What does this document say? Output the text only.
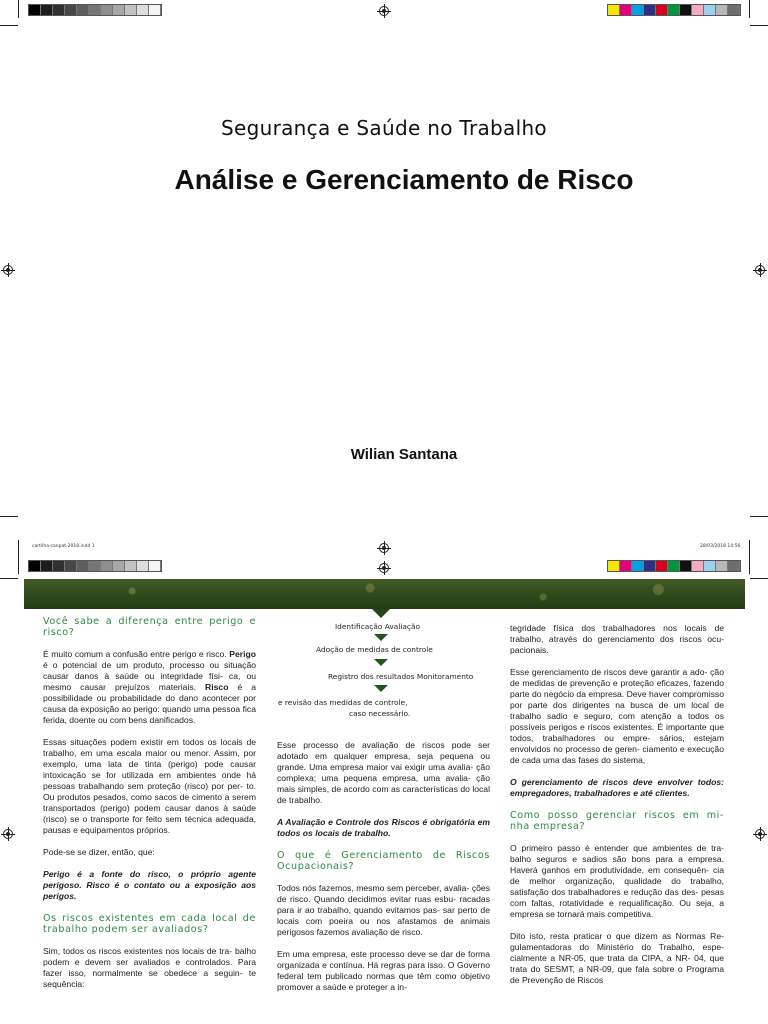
Segurança e Saúde no Trabalho
Análise e Gerenciamento de Risco
Wilian Santana
cartilha-canpat-2018.indd 1	28/03/2018 14:56
Você sabe a diferença entre perigo e risco?

É muito comum a confusão entre perigo e risco. Perigo é o potencial de um produto, processo ou situação causar danos à saúde ou integridade físi- ca, ou mesmo causar prejuízos materiais. Risco é a possibilidade ou probabilidade do dano acontecer por causa da exposição ao perigo: quando uma pessoa fica ferida, doente ou com bens danificados.

Essas situações podem existir em todos os locais de trabalho, em uma escala maior ou menor. Assim, por exemplo, uma lata de tinta (perigo) pode causar intoxicação se for utilizada em ambientes onde há pessoas trabalhando sem proteção (risco) por per- to. Ou produtos pesados, como sacos de cimento a serem transportados (perigo) podem causar danos à saúde (risco) se o transporte for feito sem técnica adequada, pausas e equipamentos próprios.

Pode-se se dizer, então, que:

Perigo é a fonte do risco, o próprio agente perigoso. Risco é o contato ou a exposição aos perigos.

Os riscos existentes em cada local de trabalho podem ser avaliados?

Sim, todos os riscos existentes nos locais de tra- balho podem e devem ser avaliados e controlados. Para fazer isso, normalmente se obedece a seguin- te sequência:

Identificação Avaliação
Adoção de medidas de controle
Registro dos resultados Monitoramento
e revisão das medidas de controle,
caso necessário.

Esse processo de avaliação de riscos pode ser adotado em qualquer empresa, seja pequena ou grande. Uma empresa maior vai exigir uma avalia- ção complexa; uma pequena empresa, uma avalia- ção mais simples, de acordo com as características do local de trabalho.

A Avaliação e Controle dos Riscos é obrigatória em todos os locais de trabalho.

O que é Gerenciamento de Riscos Ocupacionais?

Todos nós fazemos, mesmo sem perceber, avalia- ções de risco. Quando decidimos evitar ruas esbu- racadas para ir ao trabalho, quando evitamos pas- sar perto de locais com poeira ou nos afastamos de animais perigosos fazemos avaliação de risco.

Em uma empresa, este processo deve se dar de forma organizada e contínua. Há regras para isso. O Governo federal tem publicado normas que têm como objetivo promover a saúde e proteger a in-

tegridade física dos trabalhadores nos locais de trabalho, através do gerenciamento dos riscos ocu- pacionais.

Esse gerenciamento de riscos deve garantir a ado- ção de medidas de prevenção e proteção eficazes, fazendo parte do negócio da empresa. Deve haver compromisso por parte dos dirigentes na busca de um local de trabalho sadio e seguro, com atenção a todos os possíveis perigos e riscos existentes. É importante que todos, trabalhadores ou empre- sários, estejam envolvidos no processo de geren- ciamento e execução de cada uma das fases do sistema,

O gerenciamento de riscos deve envolver todos: empregadores, trabalhadores e até clientes.

Como posso gerenciar riscos em mi- nha empresa?

O primeiro passo é entender que ambientes de tra- balho seguros e sadios são bons para a empresa. Haverá ganhos em produtividade, em consequên- cia de melhor organização, qualidade do trabalho, satisfação dos trabalhadores e redução das des- pesas com faltas, rotatividade e requalificação. Ou seja, a empresa se tornará mais competitiva.

Dito isto, resta praticar o que dizem as Normas Re- gulamentadoras do Ministério do Trabalho, espe- cialmente a NR-05, que trata da CIPA, a NR- 04, que trata do SESMT, a NR-09, que fala sobre o Programa de Prevenção de Riscos
